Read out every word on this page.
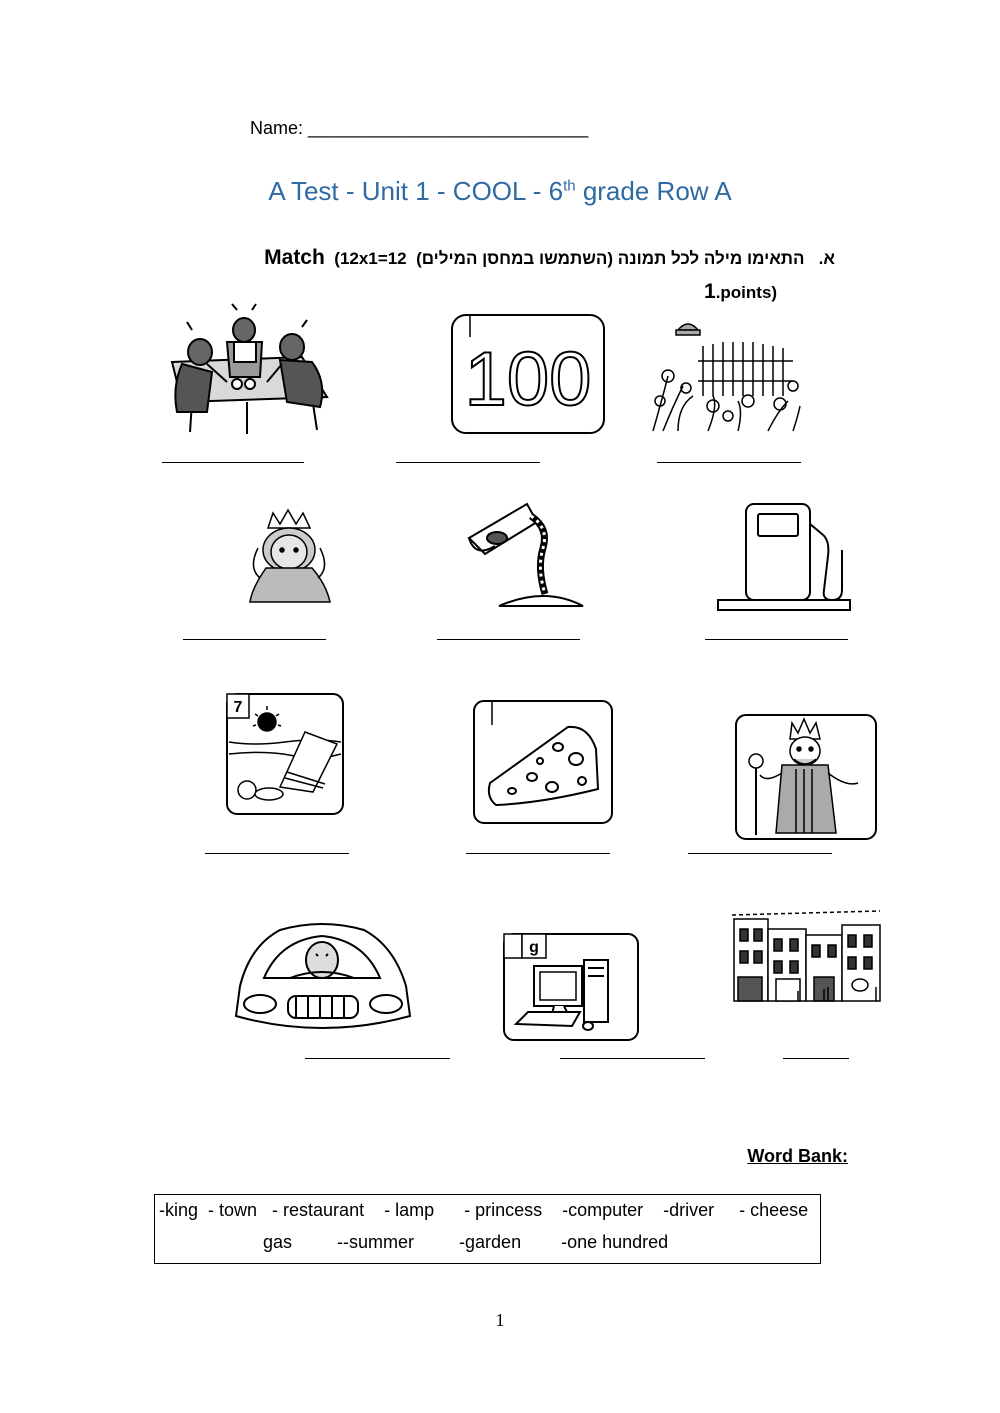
Name: ____________________________
A Test - Unit 1 - COOL - 6th grade Row A
א.   התאימו מילה לכל תמונה (השתמשו במחסן המילים)  (12x1=12  Match
1.points)
100
7
g
Word Bank:
-king  - town   - restaurant    - lamp      - princess    -computer    -driver     - cheese
gas         --summer         -garden        -one hundred
1
